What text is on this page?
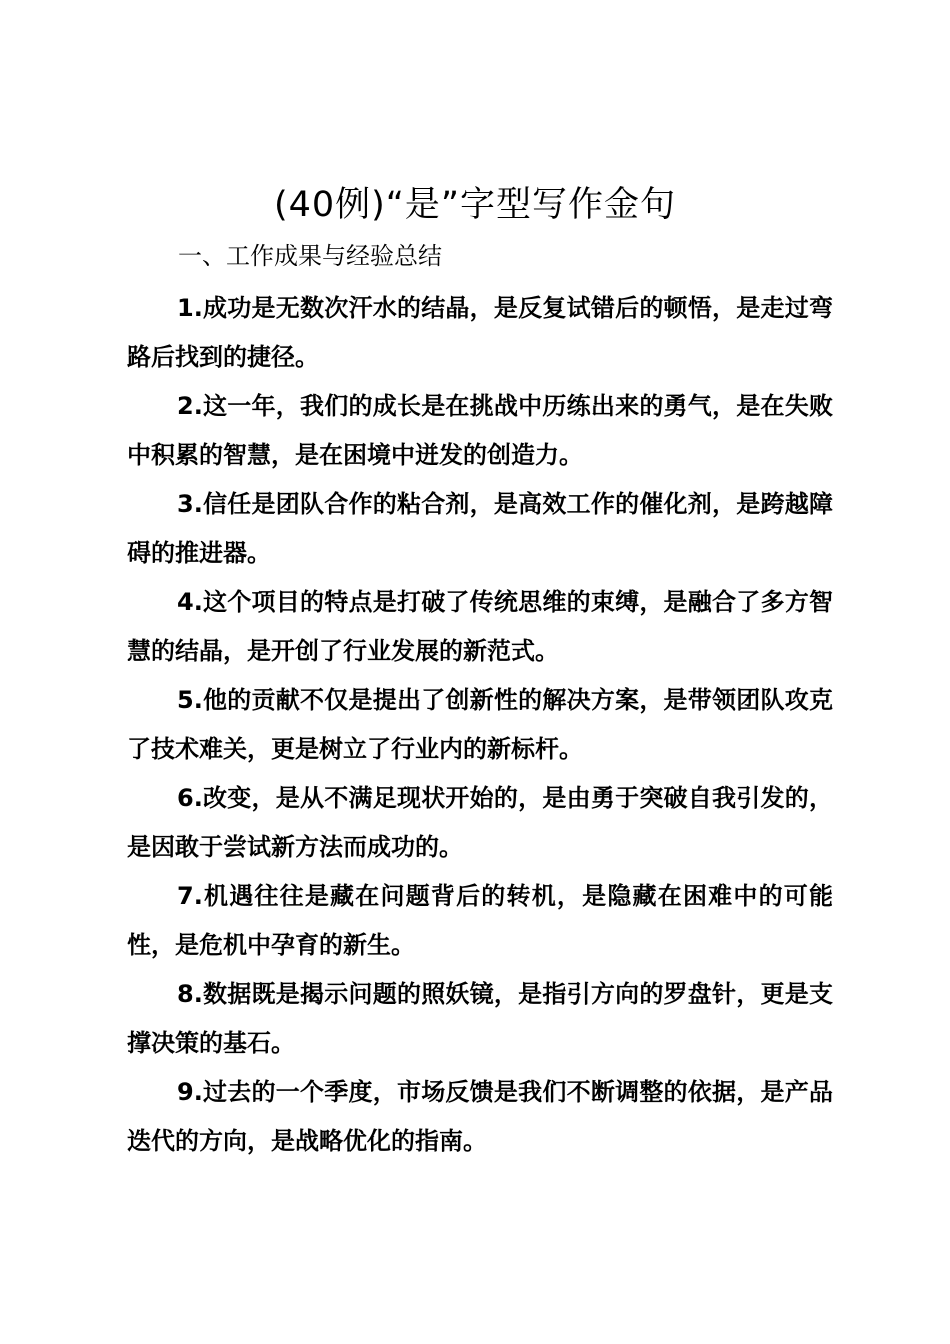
(40例)“是”字型写作金句

一、工作成果与经验总结

1.成功是无数次汗水的结晶，是反复试错后的顿悟，是走过弯路后找到的捷径。

2.这一年，我们的成长是在挑战中历练出来的勇气，是在失败中积累的智慧，是在困境中迸发的创造力。

3.信任是团队合作的粘合剂，是高效工作的催化剂，是跨越障碍的推进器。

4.这个项目的特点是打破了传统思维的束缚，是融合了多方智慧的结晶，是开创了行业发展的新范式。

5.他的贡献不仅是提出了创新性的解决方案，是带领团队攻克了技术难关，更是树立了行业内的新标杆。

6.改变，是从不满足现状开始的，是由勇于突破自我引发的，是因敢于尝试新方法而成功的。

7.机遇往往是藏在问题背后的转机，是隐藏在困难中的可能性，是危机中孕育的新生。

8.数据既是揭示问题的照妖镜，是指引方向的罗盘针，更是支撑决策的基石。

9.过去的一个季度，市场反馈是我们不断调整的依据，是产品迭代的方向，是战略优化的指南。
